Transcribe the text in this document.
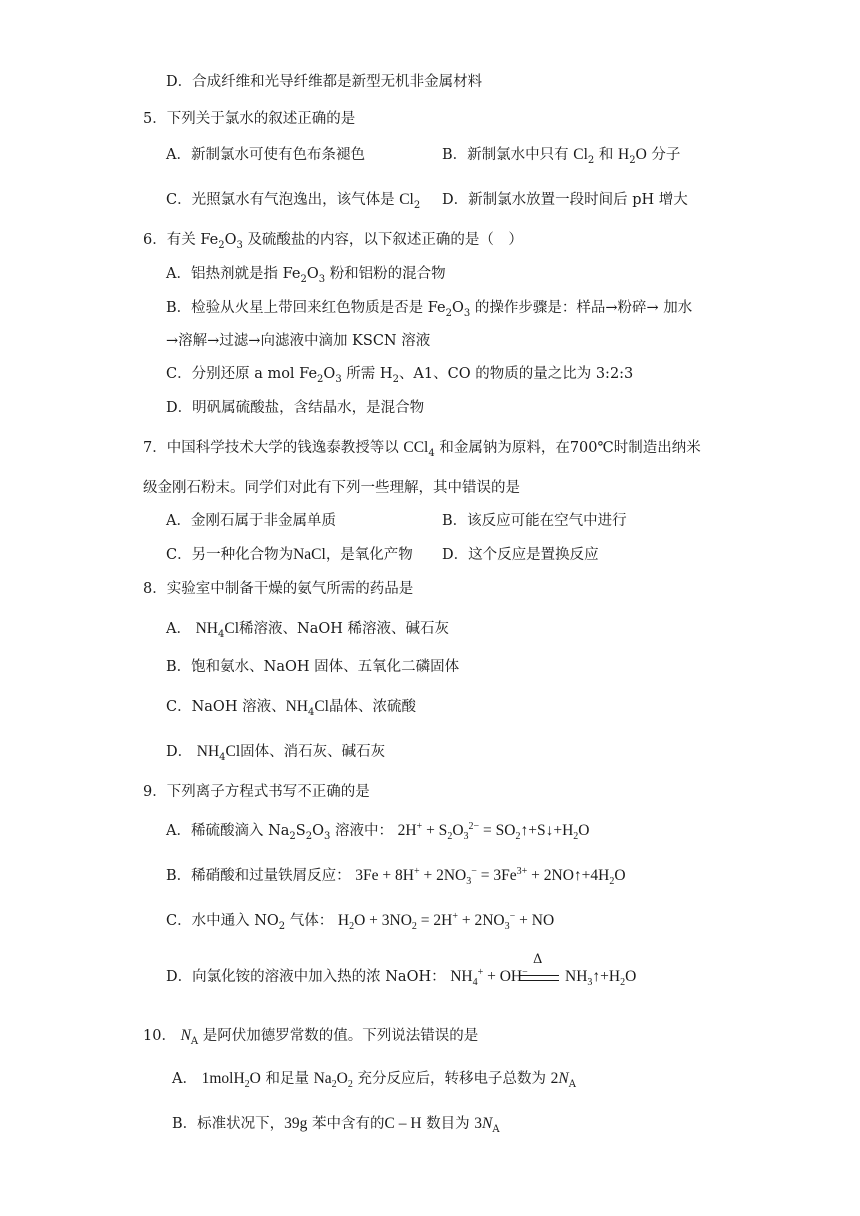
D．合成纤维和光导纤维都是新型无机非金属材料
5．下列关于氯水的叙述正确的是
A．新制氯水可使有色布条褪色	B．新制氯水中只有 $Cl_2$ 和 $H_2O$ 分子
C．光照氯水有气泡逸出，该气体是 $Cl_2$ D．新制氯水放置一段时间后 pH 增大
6．有关 $Fe_2O_3$ 及硫酸盐的内容，以下叙述正确的是（　）
A．铝热剂就是指 $Fe_2O_3$ 粉和铝粉的混合物
B．检验从火星上带回来红色物质是否是 $Fe_2O_3$ 的操作步骤是：样品→粉碎→ 加水
→溶解→过滤→向滤液中滴加 KSCN 溶液
C．分别还原 a mol $Fe_2O_3$ 所需 $H_2$、A1、CO 的物质的量之比为 3:2:3
D．明矾属硫酸盐，含结晶水，是混合物
7．中国科学技术大学的钱逸泰教授等以 CCl$_4$ 和金属钠为原料，在700℃时制造出纳米
级金刚石粉末。同学们对此有下列一些理解，其中错误的是
A．金刚石属于非金属单质	B．该反应可能在空气中进行
C．另一种化合物为NaCl，是氧化产物 D．这个反应是置换反应
8．实验室中制备干燥的氨气所需的药品是
A． $NH_4Cl$稀溶液、NaOH 稀溶液、碱石灰
B．饱和氨水、NaOH 固体、五氧化二磷固体
C．NaOH 溶液、$NH_4Cl$晶体、浓硫酸
D． $NH_4Cl$固体、消石灰、碱石灰
9．下列离子方程式书写不正确的是
A．稀硫酸滴入 $Na_2S_2O_3$ 溶液中： $2H^+ + S_2O_3^{2-}$ = $SO_2↑+S↓+H_2O$
B．稀硝酸和过量铁屑反应： $3Fe + 8H^+ + 2NO_3^- = 3Fe^{3+}$ + $2NO↑+4H_2O$
C．水中通入 $NO_2$ 气体： $H_2O + 3NO_2 = 2H^+ + 2NO_3^-$ + NO
D．向氯化铵的溶液中加入热的浓 NaOH： $NH_4^+ + OH^-$
Δ
$NH_3↑+H_2O$
10． $N_A$ 是阿伏加德罗常数的值。下列说法错误的是
A． 1molH$_2$O 和足量 $Na_2O_2$ 充分反应后，转移电子总数为 $2N_A$
B．标准状况下，39g 苯中含有的C – H 数目为 $3N_A$
